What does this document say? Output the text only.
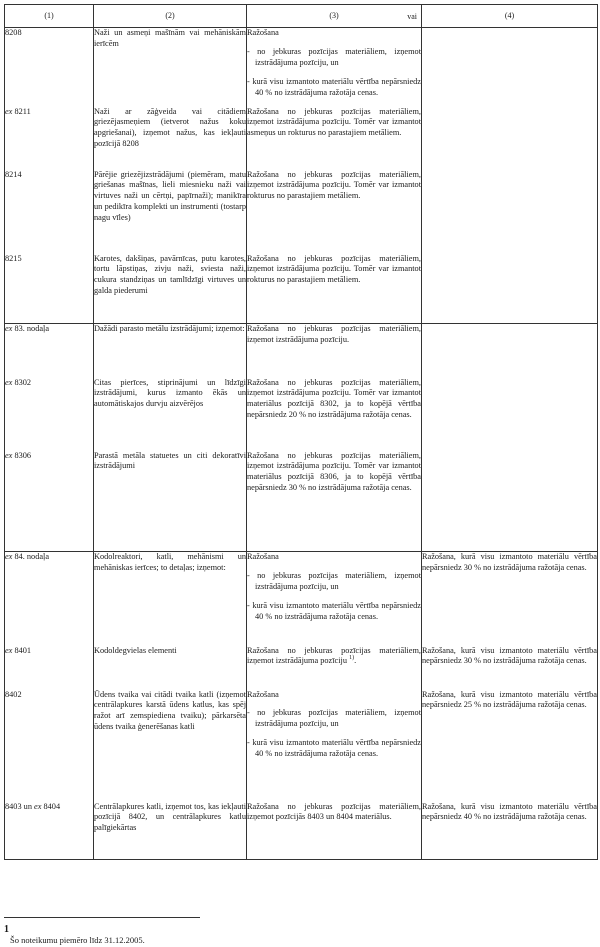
(1)	(2)	(3) vai	(4)
8208	Naži un asmeņi mašīnām vai mehāniskām ierīcēm	Ražošana
- no jebkuras pozīcijas materiāliem, izņemot izstrādājuma pozīciju, un
- kurā visu izmantoto materiālu vērtība nepārsniedz 40 % no izstrādājuma ražotāja cenas.	

ex 8211	Naži ar zāģveida vai citādiem griezējasmeņiem (ietverot nažus koku apgriešanai), izņemot nažus, kas iekļauti pozīcijā 8208	Ražošana no jebkuras pozīcijas materiāliem, izņemot izstrādājuma pozīciju. Tomēr var izmantot asmeņus un rokturus no parastajiem metāliem.	
8214	Pārējie griezējizstrādājumi (piemēram, matu griešanas mašīnas, lieli miesnieku naži vai virtuves naži un cērtņi, papīrnaži); manikīra un pedikīra komplekti un instrumenti (tostarp nagu vīles)	Ražošana no jebkuras pozīcijas materiāliem, izņemot izstrādājuma pozīciju. Tomēr var izmantot rokturus no parastajiem metāliem.	
8215	Karotes, dakšiņas, pavārnīcas, putu karotes, tortu lāpstiņas, zivju naži, sviesta naži, cukura standziņas un tamlīdzīgi virtuves un galda piederumi	Ražošana no jebkuras pozīcijas materiāliem, izņemot izstrādājuma pozīciju. Tomēr var izmantot rokturus no parastajiem metāliem.	
ex 83. nodaļa	Dažādi parasto metālu izstrādājumi; izņemot:	Ražošana no jebkuras pozīcijas materiāliem, izņemot izstrādājuma pozīciju.	
ex 8302	Citas pierīces, stiprinājumi un līdzīgi izstrādājumi, kurus izmanto ēkās un automātiskajos durvju aizvērējos	Ražošana no jebkuras pozīcijas materiāliem, izņemot izstrādājuma pozīciju. Tomēr var izmantot materiālus pozīcijā 8302, ja to kopējā vērtība nepārsniedz 20 % no izstrādājuma ražotāja cenas.	
ex 8306	Parastā metāla statuetes un citi dekoratīvi izstrādājumi	Ražošana no jebkuras pozīcijas materiāliem, izņemot izstrādājuma pozīciju. Tomēr var izmantot materiālus pozīcijā 8306, ja to kopējā vērtība nepārsniedz 30 % no izstrādājuma ražotāja cenas.	
ex 84. nodaļa	Kodolreaktori, katli, mehānismi un mehāniskas ierīces; to detaļas; izņemot:	Ražošana
- no jebkuras pozīcijas materiāliem, izņemot izstrādājuma pozīciju, un
- kurā visu izmantoto materiālu vērtība nepārsniedz 40 % no izstrādājuma ražotāja cenas.	Ražošana, kurā visu izmantoto materiālu vērtība nepārsniedz 30 % no izstrādājuma ražotāja cenas.
ex 8401	Kodoldegvielas elementi	Ražošana no jebkuras pozīcijas materiāliem, izņemot izstrādājuma pozīciju $^{1)}$.	Ražošana, kurā visu izmantoto materiālu vērtība nepārsniedz 30 % no izstrādājuma ražotāja cenas.
8402	Ūdens tvaika vai citādi tvaika katli (izņemot centrālapkures karstā ūdens katlus, kas spēj ražot arī zemspiediena tvaiku); pārkarsēta ūdens tvaika ģenerēšanas katli	Ražošana
- no jebkuras pozīcijas materiāliem, izņemot izstrādājuma pozīciju, un
- kurā visu izmantoto materiālu vērtība nepārsniedz 40 % no izstrādājuma ražotāja cenas.	Ražošana, kurā visu izmantoto materiālu vērtība nepārsniedz 25 % no izstrādājuma ražotāja cenas.
8403 un ex 8404	Centrālapkures katli, izņemot tos, kas iekļauti pozīcijā 8402, un centrālapkures katlu palīgiekārtas	Ražošana no jebkuras pozīcijas materiāliem, izņemot pozīcijās 8403 un 8404 materiālus.	Ražošana, kurā visu izmantoto materiālu vērtība nepārsniedz 40 % no izstrādājuma ražotāja cenas.
1
Šo noteikumu piemēro līdz 31.12.2005.
